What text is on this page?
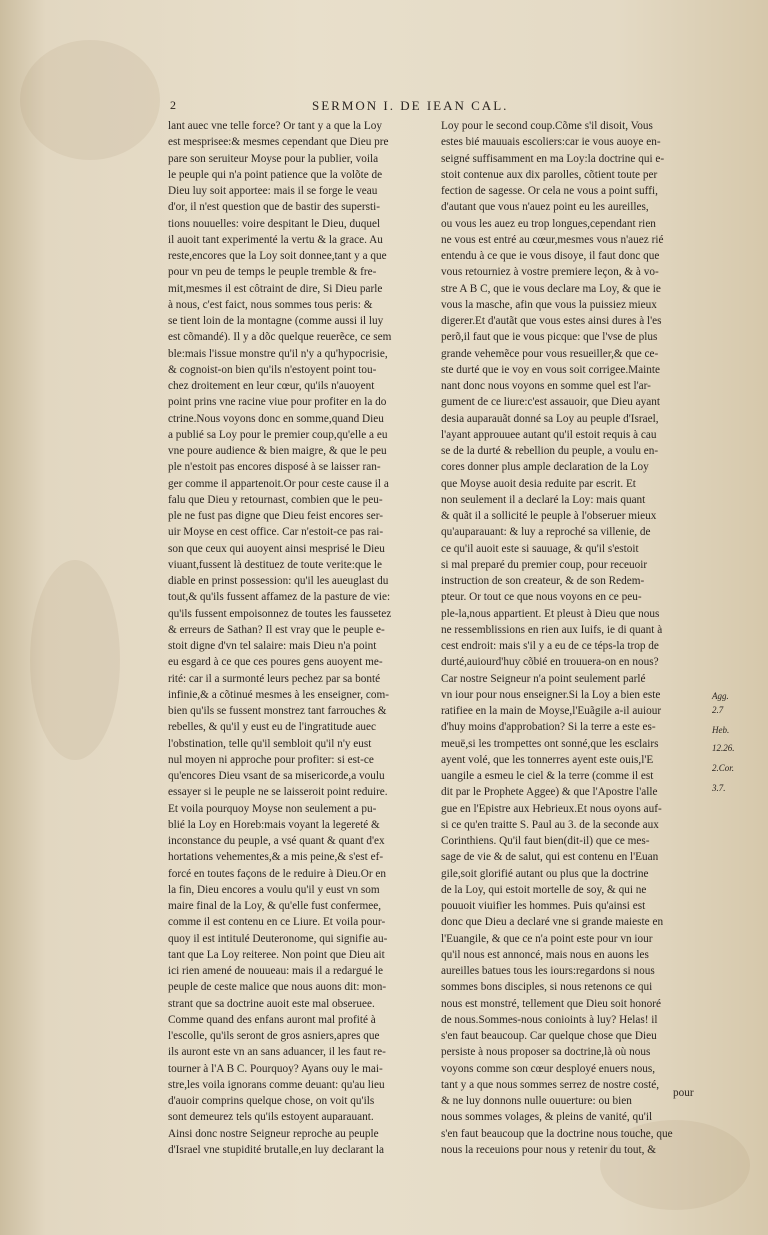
2	SERMON I. DE IEAN CAL.
lant auec vne telle force? Or tant y a que la Loy
est mesprisee:& mesmes cependant que Dieu pre
pare son seruiteur Moyse pour la publier, voila
le peuple qui n'a point patience que la volõte de
Dieu luy soit apportee: mais il se forge le veau
d'or, il n'est question que de bastir des supersti-
tions nouuelles: voire despitant le Dieu, duquel
il auoit tant experimenté la vertu & la grace. Au
reste,encores que la Loy soit donnee,tant y a que
pour vn peu de temps le peuple tremble & fre-
mit,mesmes il est côtraint de dire, Si Dieu parle
à nous, c'est faict, nous sommes tous peris: &
se tient loin de la montagne (comme aussi il luy
est cõmandé). Il y a dõc quelque reuerẽce, ce sem
ble:mais l'issue monstre qu'il n'y a qu'hypocrisie,
& cognoist-on bien qu'ils n'estoyent point tou-
chez droitement en leur cœur, qu'ils n'auoyent
point prins vne racine viue pour profiter en la do
ctrine.Nous voyons donc en somme,quand Dieu
a publié sa Loy pour le premier coup,qu'elle a eu
vne poure audience & bien maigre, & que le peu
ple n'estoit pas encores disposé à se laisser ran-
ger comme il appartenoit.Or pour ceste cause il a
falu que Dieu y retournast, combien que le peu-
ple ne fust pas digne que Dieu feist encores ser-
uir Moyse en cest office. Car n'estoit-ce pas rai-
son que ceux qui auoyent ainsi mesprisé le Dieu
viuant,fussent là destituez de toute verite:que le
diable en prinst possession: qu'il les aueuglast du
tout,& qu'ils fussent affamez de la pasture de vie:
qu'ils fussent empoisonnez de toutes les faussetez
& erreurs de Sathan? Il est vray que le peuple e-
stoit digne d'vn tel salaire: mais Dieu n'a point
eu esgard à ce que ces poures gens auoyent me-
rité: car il a surmonté leurs pechez par sa bonté
infinie,& a cõtinué mesmes à les enseigner, com-
bien qu'ils se fussent monstrez tant farrouches &
rebelles, & qu'il y eust eu de l'ingratitude auec
l'obstination, telle qu'il sembloit qu'il n'y eust
nul moyen ni approche pour profiter: si est-ce
qu'encores Dieu vsant de sa misericorde,a voulu
essayer si le peuple ne se laisseroit point reduire.
Et voila pourquoy Moyse non seulement a pu-
blié la Loy en Horeb:mais voyant la legereté &
inconstance du peuple, a vsé quant & quant d'ex
hortations vehementes,& a mis peine,& s'est ef-
forcé en toutes façons de le reduire à Dieu.Or en
la fin, Dieu encores a voulu qu'il y eust vn som
maire final de la Loy, & qu'elle fust confermee,
comme il est contenu en ce Liure. Et voila pour-
quoy il est intitulé Deuteronome, qui signifie au-
tant que La Loy reiteree. Non point que Dieu ait
ici rien amené de nouueau: mais il a redargué le
peuple de ceste malice que nous auons dit: mon-
strant que sa doctrine auoit este mal obseruee.
Comme quand des enfans auront mal profité à
l'escolle, qu'ils seront de gros asniers,apres que
ils auront este vn an sans aduancer, il les faut re-
tourner à l'A B C. Pourquoy? Ayans ouy le mai-
stre,les voila ignorans comme deuant: qu'au lieu
d'auoir comprins quelque chose, on voit qu'ils
sont demeurez tels qu'ils estoyent auparauant.
Ainsi donc nostre Seigneur reproche au peuple
d'Israel vne stupidité brutalle,en luy declarant la
Loy pour le second coup.Cõme s'il disoit, Vous
estes bié mauuais escoliers:car ie vous auoye en-
seigné suffisamment en ma Loy:la doctrine qui e-
stoit contenue aux dix parolles, cõtient toute per
fection de sagesse. Or cela ne vous a point suffi,
d'autant que vous n'auez point eu les aureilles,
ou vous les auez eu trop longues,cependant rien
ne vous est entré au cœur,mesmes vous n'auez rié
entendu à ce que ie vous disoye, il faut donc que
vous retourniez à vostre premiere leçon, & à vo-
stre A B C, que ie vous declare ma Loy, & que ie
vous la masche, afin que vous la puissiez mieux
digerer.Et d'autãt que vous estes ainsi dures à l'es
perõ,il faut que ie vous picque: que l'vse de plus
grande vehemẽce pour vous resueiller,& que ce-
ste durté que ie voy en vous soit corrigee.Mainte
nant donc nous voyons en somme quel est l'ar-
gument de ce liure:c'est assauoir, que Dieu ayant
desia auparauãt donné sa Loy au peuple d'Israel,
l'ayant approuuee autant qu'il estoit requis à cau
se de la durté & rebellion du peuple, a voulu en-
cores donner plus ample declaration de la Loy
que Moyse auoit desia reduite par escrit. Et
non seulement il a declaré la Loy: mais quant
& quãt il a sollicité le peuple à l'obseruer mieux
qu'auparauant: & luy a reproché sa villenie, de
ce qu'il auoit este si sauuage, & qu'il s'estoit
si mal preparé du premier coup, pour receuoir
instruction de son createur, & de son Redem-
pteur. Or tout ce que nous voyons en ce peu-
ple-la,nous appartient. Et pleust à Dieu que nous
ne ressemblissions en rien aux Iuifs, ie di quant à
cest endroit: mais s'il y a eu de ce téps-la trop de
durté,auiourd'huy cõbié en trouuera-on en nous?
Car nostre Seigneur n'a point seulement parlé
vn iour pour nous enseigner.Si la Loy a bien este
ratifiee en la main de Moyse,l'Euãgile a-il auiour
d'huy moins d'approbation? Si la terre a este es-
meuë,si les trompettes ont sonné,que les esclairs
ayent volé, que les tonnerres ayent este ouis,l'E
uangile a esmeu le ciel & la terre (comme il est
dit par le Prophete Aggee) & que l'Apostre l'alle
gue en l'Epistre aux Hebrieux.Et nous oyons auf-
si ce qu'en traitte S. Paul au 3. de la seconde aux
Corinthiens. Qu'il faut bien(dit-il) que ce mes-
sage de vie & de salut, qui est contenu en l'Euan
gile,soit glorifié autant ou plus que la doctrine
de la Loy, qui estoit mortelle de soy, & qui ne
pouuoit viuifier les hommes. Puis qu'ainsi est
donc que Dieu a declaré vne si grande maieste en
l'Euangile, & que ce n'a point este pour vn iour
qu'il nous est annoncé, mais nous en auons les
aureilles batues tous les iours:regardons si nous
sommes bons disciples, si nous retenons ce qui
nous est monstré, tellement que Dieu soit honoré
de nous.Sommes-nous conioints à luy? Helas! il
s'en faut beaucoup. Car quelque chose que Dieu
persiste à nous proposer sa doctrine,là où nous
voyons comme son cœur desployé enuers nous,
tant y a que nous sommes serrez de nostre costé,
& ne luy donnons nulle ouuerture: ou bien
nous sommes volages, & pleins de vanité, qu'il
s'en faut beaucoup que la doctrine nous touche, que
nous la receuions pour nous y retenir du tout, &
Agg.
2.7
Heb.
12.26.
2.Cor.
3.7.
pour
